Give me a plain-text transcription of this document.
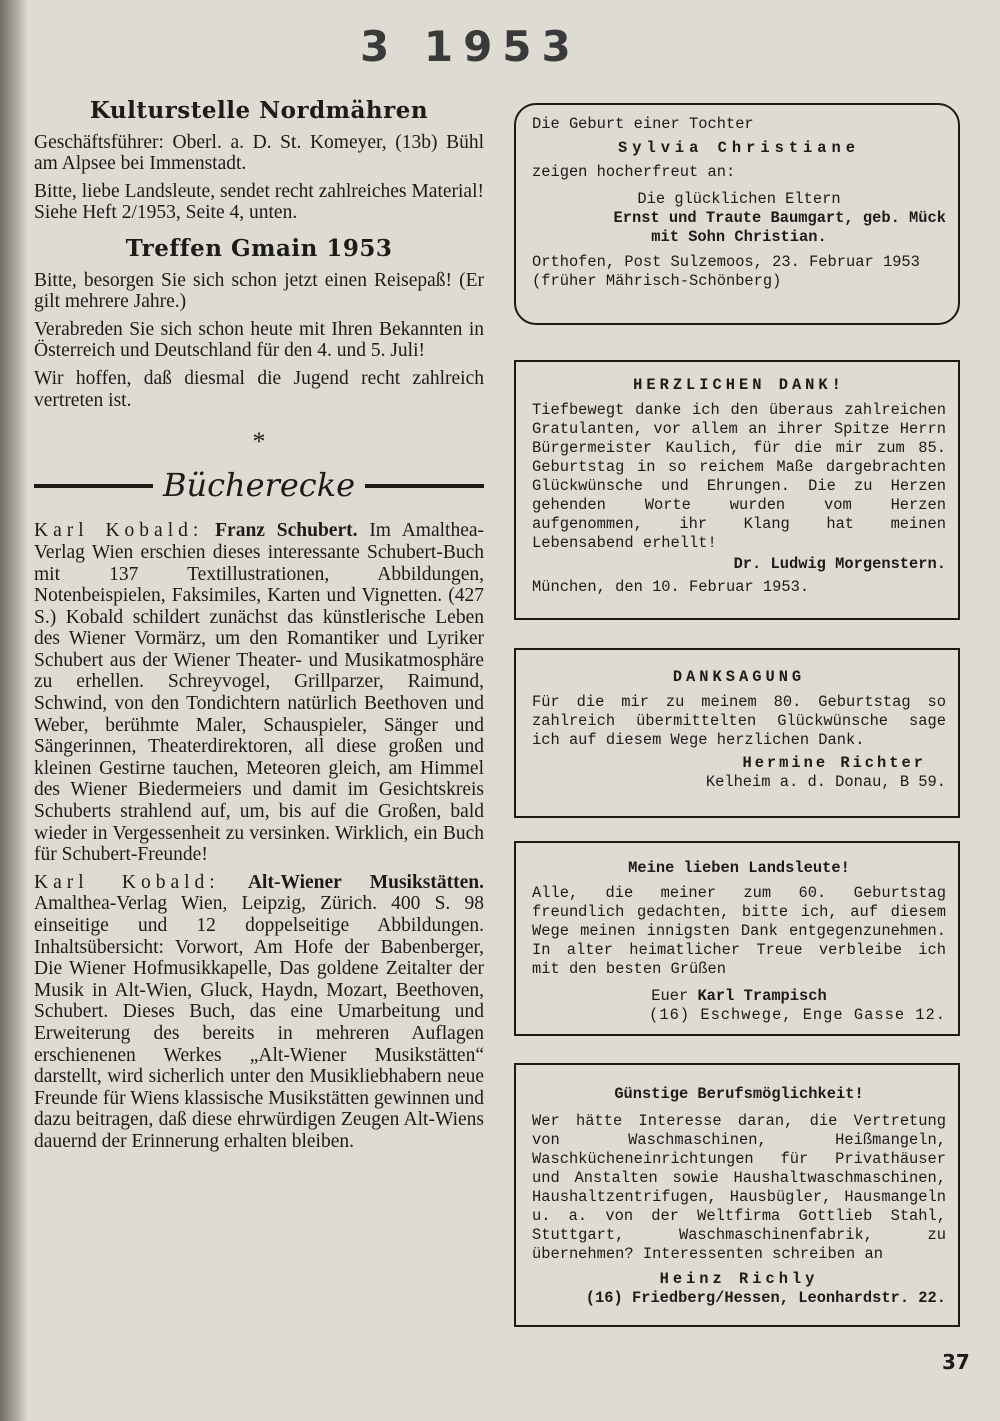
3 1953
Kulturstelle Nordmähren

Geschäftsführer: Oberl. a. D. St. Komeyer, (13b) Bühl am Alpsee bei Immenstadt.

Bitte, liebe Landsleute, sendet recht zahlreiches Material! Siehe Heft 2/1953, Seite 4, unten.

Treffen Gmain 1953

Bitte, besorgen Sie sich schon jetzt einen Reisepaß! (Er gilt mehrere Jahre.)

Verabreden Sie sich schon heute mit Ihren Bekannten in Österreich und Deutschland für den 4. und 5. Juli!

Wir hoffen, daß diesmal die Jugend recht zahlreich vertreten ist.

*
Bücherecke

Karl Kobald: Franz Schubert. Im Amalthea-Verlag Wien erschien dieses interessante Schubert-Buch mit 137 Textillustrationen, Abbildungen, Notenbeispielen, Faksimiles, Karten und Vignetten. (427 S.) Kobald schildert zunächst das künstlerische Leben des Wiener Vormärz, um den Romantiker und Lyriker Schubert aus der Wiener Theater- und Musikatmosphäre zu erhellen. Schreyvogel, Grillparzer, Raimund, Schwind, von den Tondichtern natürlich Beethoven und Weber, berühmte Maler, Schauspieler, Sänger und Sängerinnen, Theaterdirektoren, all diese großen und kleinen Gestirne tauchen, Meteoren gleich, am Himmel des Wiener Biedermeiers und damit im Gesichtskreis Schuberts strahlend auf, um, bis auf die Großen, bald wieder in Vergessenheit zu versinken. Wirklich, ein Buch für Schubert-Freunde!

Karl Kobald: Alt-Wiener Musikstätten. Amalthea-Verlag Wien, Leipzig, Zürich. 400 S. 98 einseitige und 12 doppelseitige Abbildungen. Inhaltsübersicht: Vorwort, Am Hofe der Babenberger, Die Wiener Hofmusikkapelle, Das goldene Zeitalter der Musik in Alt-Wien, Gluck, Haydn, Mozart, Beethoven, Schubert. Dieses Buch, das eine Umarbeitung und Erweiterung des bereits in mehreren Auflagen erschienenen Werkes „Alt-Wiener Musikstätten“ darstellt, wird sicherlich unter den Musikliebhabern neue Freunde für Wiens klassische Musikstätten gewinnen und dazu beitragen, daß diese ehrwürdigen Zeugen Alt-Wiens dauernd der Erinnerung erhalten bleiben.

Die Geburt einer Tochter

Sylvia Christiane

zeigen hocherfreut an:

Die glücklichen Eltern

Ernst und Traute Baumgart, geb. Mück

mit Sohn Christian.

Orthofen, Post Sulzemoos, 23. Februar 1953

(früher Mährisch-Schönberg)

HERZLICHEN DANK!

Tiefbewegt danke ich den überaus zahlreichen Gratulanten, vor allem an ihrer Spitze Herrn Bürgermeister Kaulich, für die mir zum 85. Geburtstag in so reichem Maße dargebrachten Glückwünsche und Ehrungen. Die zu Herzen gehenden Worte wurden vom Herzen aufgenommen, ihr Klang hat meinen Lebensabend erhellt!

Dr. Ludwig Morgenstern.

München, den 10. Februar 1953.

DANKSAGUNG

Für die mir zu meinem 80. Geburtstag so zahlreich übermittelten Glückwünsche sage ich auf diesem Wege herzlichen Dank.

Hermine Richter

Kelheim a. d. Donau, B 59.

Meine lieben Landsleute!

Alle, die meiner zum 60. Geburtstag freundlich gedachten, bitte ich, auf diesem Wege meinen innigsten Dank entgegenzunehmen. In alter heimatlicher Treue verbleibe ich mit den besten Grüßen

Euer Karl Trampisch

(16) Eschwege, Enge Gasse 12.

Günstige Berufsmöglichkeit!

Wer hätte Interesse daran, die Vertretung von Waschmaschinen, Heißmangeln, Waschkücheneinrichtungen für Privathäuser und Anstalten sowie Haushaltwaschmaschinen, Haushaltzentrifugen, Hausbügler, Hausmangeln u. a. von der Weltfirma Gottlieb Stahl, Stuttgart, Waschmaschinenfabrik, zu übernehmen? Interessenten schreiben an

Heinz Richly

(16) Friedberg/Hessen, Leonhardstr. 22.

37
